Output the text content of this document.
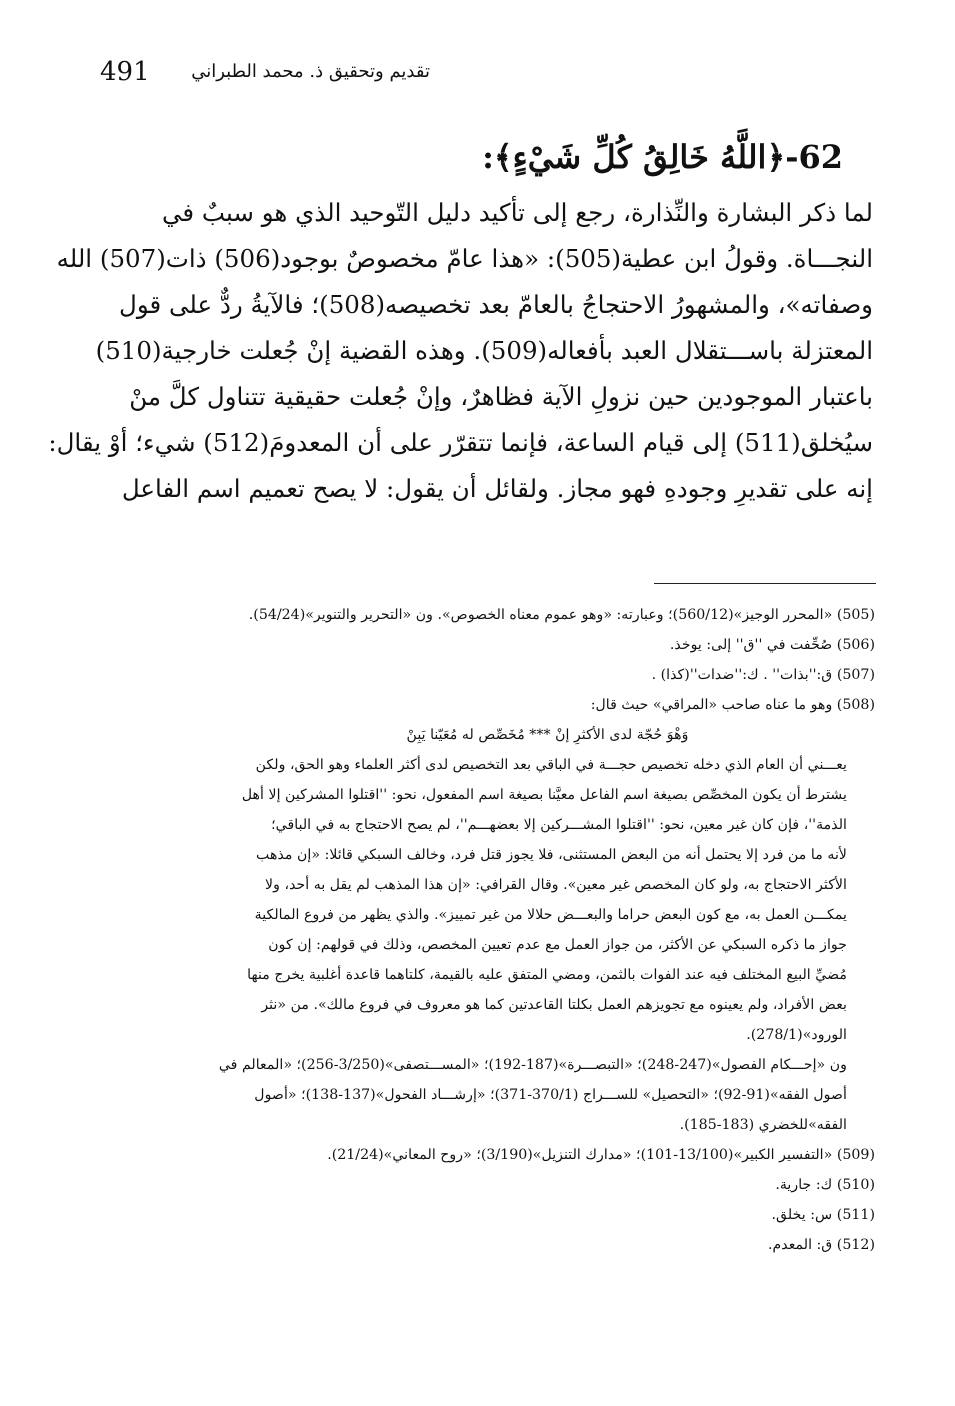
491 تقديم وتحقيق ذ. محمد الطبراني
62-﴿اللَّهُ خَالِقُ كُلِّ شَيْءٍ﴾:
لما ذكر البشارة والنِّذارة، رجع إلى تأكيد دليل التّوحيد الذي هو سببٌ في
النجـــاة. وقولُ ابن عطية(505): «هذا عامّ مخصوصٌ بوجود(506) ذات(507) الله
وصفاته»، والمشهورُ الاحتجاجُ بالعامّ بعد تخصيصه(508)؛ فالآيةُ ردٌّ على قول
المعتزلة باســـتقلال العبد بأفعاله(509). وهذه القضية إنْ جُعلت خارجية(510)
باعتبار الموجودين حين نزولِ الآية فظاهرٌ، وإنْ جُعلت حقيقية تتناول كلَّ منْ
سيُخلق(511) إلى قيام الساعة، فإنما تتقرّر على أن المعدومَ(512) شيء؛ أوْ يقال:
إنه على تقديرِ وجودهِ فهو مجاز. ولقائل أن يقول: لا يصح تعميم اسم الفاعل
(505) «المحرر الوجيز»(560/12)؛ وعبارته: «وهو عموم معناه الخصوص». ون «التحرير والتنوير»(54/24).
(506) صُحِّفت في ''ق'' إلى: يوخذ.
(507) ق:''بذات'' . ك:''ضدات''(كذا) .
(508) وهو ما عناه صاحب «المراقي» حيث قال:
وَهْوَ حُجّة لدى الأكثرِ إنْ *** مُخَصِّص له مُعَيّنا يَبِنْ
يعـــني أن العام الذي دخله تخصيص حجـــة في الباقي بعد التخصيص لدى أكثر العلماء وهو الحق، ولكن
يشترط أن يكون المخصِّص بصيغة اسم الفاعل معيَّنا بصيغة اسم المفعول، نحو: ''اقتلوا المشركين إلا أهل
الذمة''، فإن كان غير معين، نحو: ''اقتلوا المشـــركين إلا بعضهـــم''، لم يصح الاحتجاج به في الباقي؛
لأنه ما من فرد إلا يحتمل أنه من البعض المستثنى، فلا يجوز قتل فرد، وخالف السبكي قائلا: «إن مذهب
الأكثر الاحتجاج به، ولو كان المخصص غير معين». وقال القرافي: «إن هذا المذهب لم يقل به أحد، ولا
يمكـــن العمل به، مع كون البعض حراما والبعـــض حلالا من غير تمييز». والذي يظهر من فروع المالكية
جواز ما ذكره السبكي عن الأكثر، من جواز العمل مع عدم تعيين المخصص، وذلك في قولهم: إن كون
مُضيِّ البيع المختلف فيه عند الفوات بالثمن، ومضي المتفق عليه بالقيمة، كلتاهما قاعدة أغلبية يخرج منها
بعض الأفراد، ولم يعينوه مع تجويزهم العمل بكلتا القاعدتين كما هو معروف في فروع مالك». من «نثر
الورود»(278/1).
ون «إحـــكام الفصول»(247-248)؛ «التبصـــرة»(187-192)؛ «المســـتصفى»(3/250-256)؛ «المعالم في
أصول الفقه»(91-92)؛ «التحصيل» للســـراج (370/1-371)؛ «إرشـــاد الفحول»(137-138)؛ «أصول
الفقه»للخضري (183-185).
(509) «التفسير الكبير»(13/100-101)؛ «مدارك التنزيل»(3/190)؛ «روح المعاني»(21/24).
(510) ك: جارية.
(511) س: يخلق.
(512) ق: المعدم.
